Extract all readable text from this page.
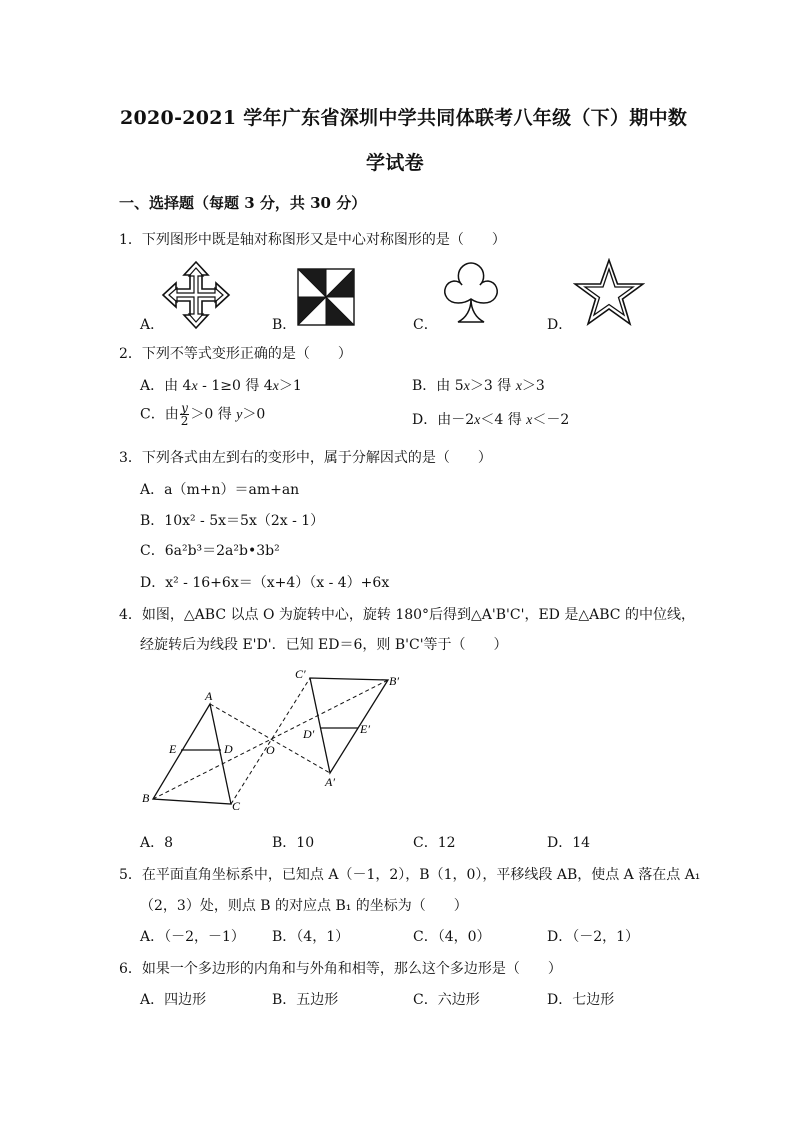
2020-2021 学年广东省深圳中学共同体联考八年级（下）期中数
学试卷
一、选择题（每题 3 分，共 30 分）
1．下列图形中既是轴对称图形又是中心对称图形的是（　　）
A．	B．	C．	D．
2．下列不等式变形正确的是（　　）
A．由 4x - 1≥0 得 4x＞1	B．由 5x＞3 得 x＞3
C．由 $\frac{y}{2} >0$ 得 y＞0	D．由－2x＜4 得 x＜－2
3．下列各式由左到右的变形中，属于分解因式的是（　　）
A．a（m+n）＝am+an
B．10x² - 5x＝5x（2x - 1）
C．6a²b³＝2a²b•3b²
D．x² - 16+6x＝（x+4）（x - 4）+6x
4．如图，△ABC 以点 O 为旋转中心，旋转 180°后得到△A'B'C'，ED 是△ABC 的中位线，
经旋转后为线段 E'D'．已知 ED＝6，则 B'C'等于（　　）
A
B
C
D
E	O
A′
B′
C′
D′	E′
A．8	B．10	C．12	D．14
5．在平面直角坐标系中，已知点 A（－1，2），B（1，0），平移线段 AB，使点 A 落在点 A₁
（2，3）处，则点 B 的对应点 B₁ 的坐标为（　　）
A．（－2，－1） B．（4，1）	C．（4，0）	D．（－2，1）
6．如果一个多边形的内角和与外角和相等，那么这个多边形是（　　）
A．四边形	B．五边形	C．六边形	D．七边形
